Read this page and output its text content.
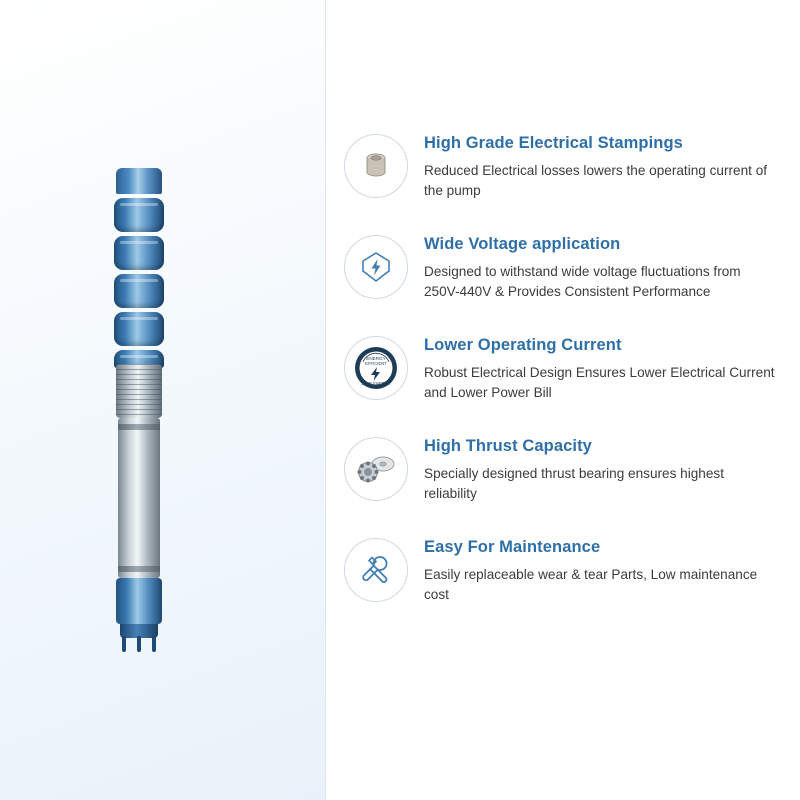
High Grade Electrical Stampings

Reduced Electrical losses lowers the operating current of the pump

Wide Voltage application

Designed to withstand wide voltage fluctuations from 250V-440V & Provides Consistent Performance

ENERGY
EFFICIENT
SAVE ENERGY

Lower Operating Current

Robust Electrical Design Ensures Lower Electrical Current and Lower Power Bill

High Thrust Capacity

Specially designed thrust bearing ensures highest reliability

Easy For Maintenance

Easily replaceable wear & tear Parts, Low maintenance cost
